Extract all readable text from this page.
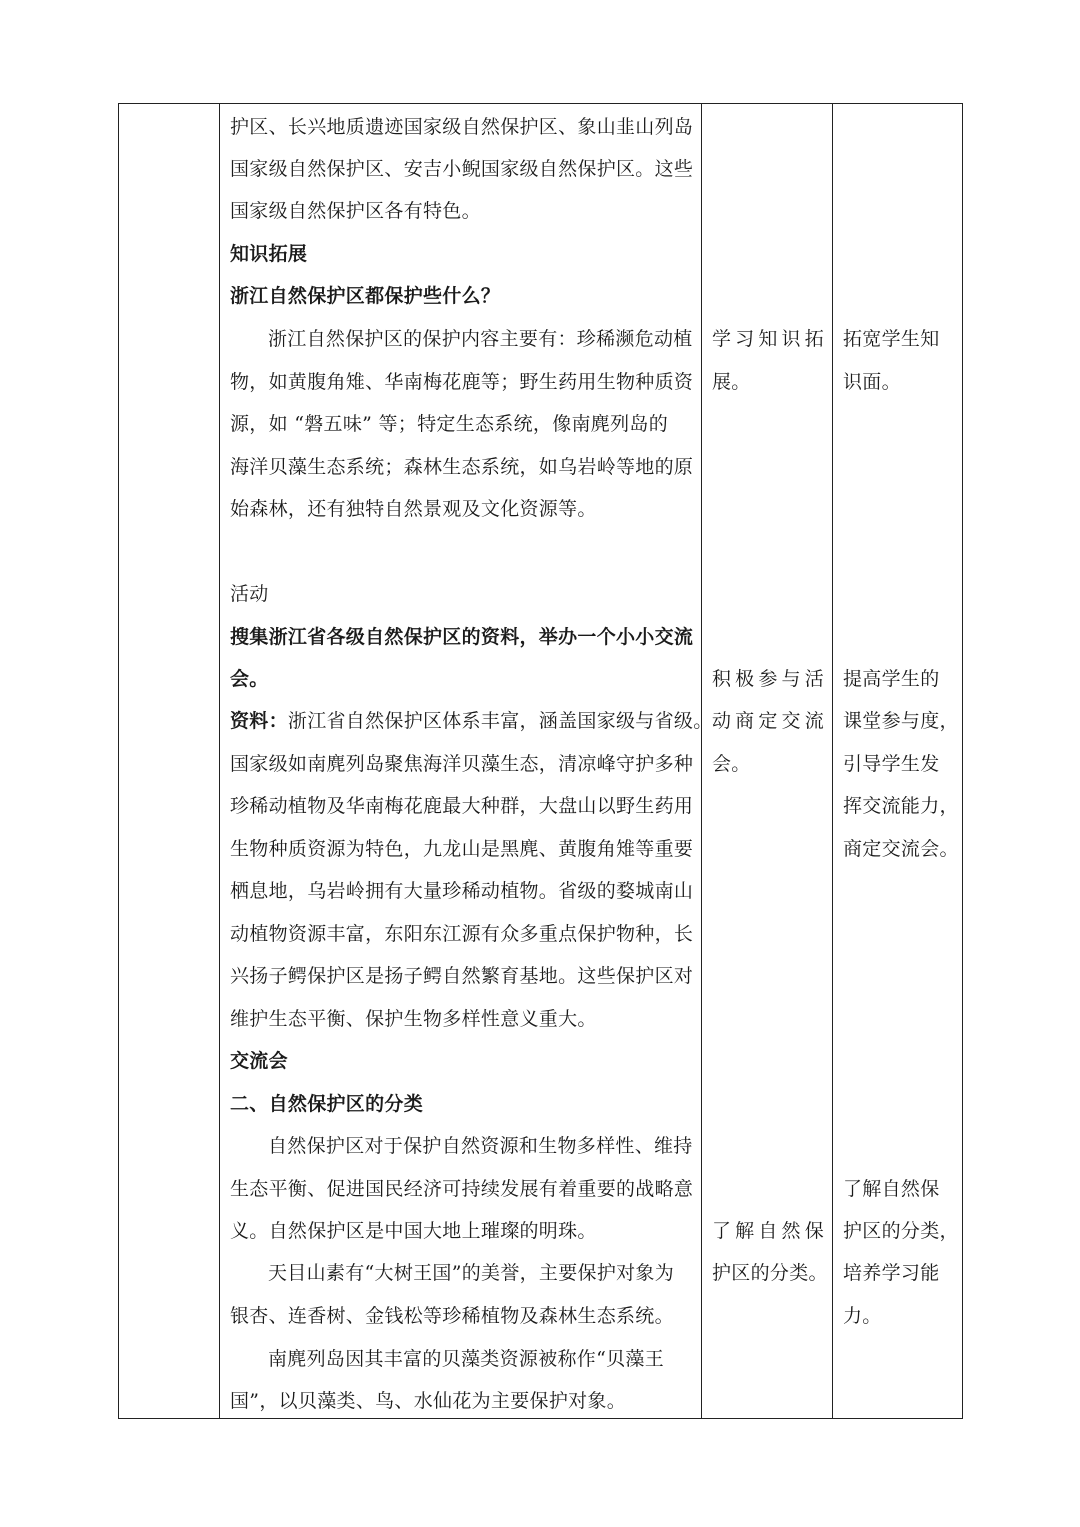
护区、长兴地质遗迹国家级自然保护区、象山韭山列岛
国家级自然保护区、安吉小鲵国家级自然保护区。这些
国家级自然保护区各有特色。
知识拓展
浙江自然保护区都保护些什么？
浙江自然保护区的保护内容主要有：珍稀濒危动植
物，如黄腹角雉、华南梅花鹿等；野生药用生物种质资
源，如 “磐五味” 等；特定生态系统，像南麂列岛的
海洋贝藻生态系统；森林生态系统，如乌岩岭等地的原
始森林，还有独特自然景观及文化资源等。
活动
搜集浙江省各级自然保护区的资料，举办一个小小交流
会。
资料：浙江省自然保护区体系丰富，涵盖国家级与省级。
国家级如南麂列岛聚焦海洋贝藻生态，清凉峰守护多种
珍稀动植物及华南梅花鹿最大种群，大盘山以野生药用
生物种质资源为特色，九龙山是黑麂、黄腹角雉等重要
栖息地，乌岩岭拥有大量珍稀动植物。省级的婺城南山
动植物资源丰富，东阳东江源有众多重点保护物种，长
兴扬子鳄保护区是扬子鳄自然繁育基地。这些保护区对
维护生态平衡、保护生物多样性意义重大。
交流会
二、自然保护区的分类
自然保护区对于保护自然资源和生物多样性、维持
生态平衡、促进国民经济可持续发展有着重要的战略意
义。自然保护区是中国大地上璀璨的明珠。
天目山素有“大树王国”的美誉，主要保护对象为
银杏、连香树、金钱松等珍稀植物及森林生态系统。
南麂列岛因其丰富的贝藻类资源被称作“贝藻王
国”，以贝藻类、鸟、水仙花为主要保护对象。
学 习 知 识 拓
展。
积 极 参 与 活
动 商 定 交 流
会。
了 解 自 然 保
护区的分类。
拓宽学生知
识面。
提高学生的
课堂参与度，
引导学生发
挥交流能力，
商定交流会。
了解自然保
护区的分类，
培养学习能
力。
